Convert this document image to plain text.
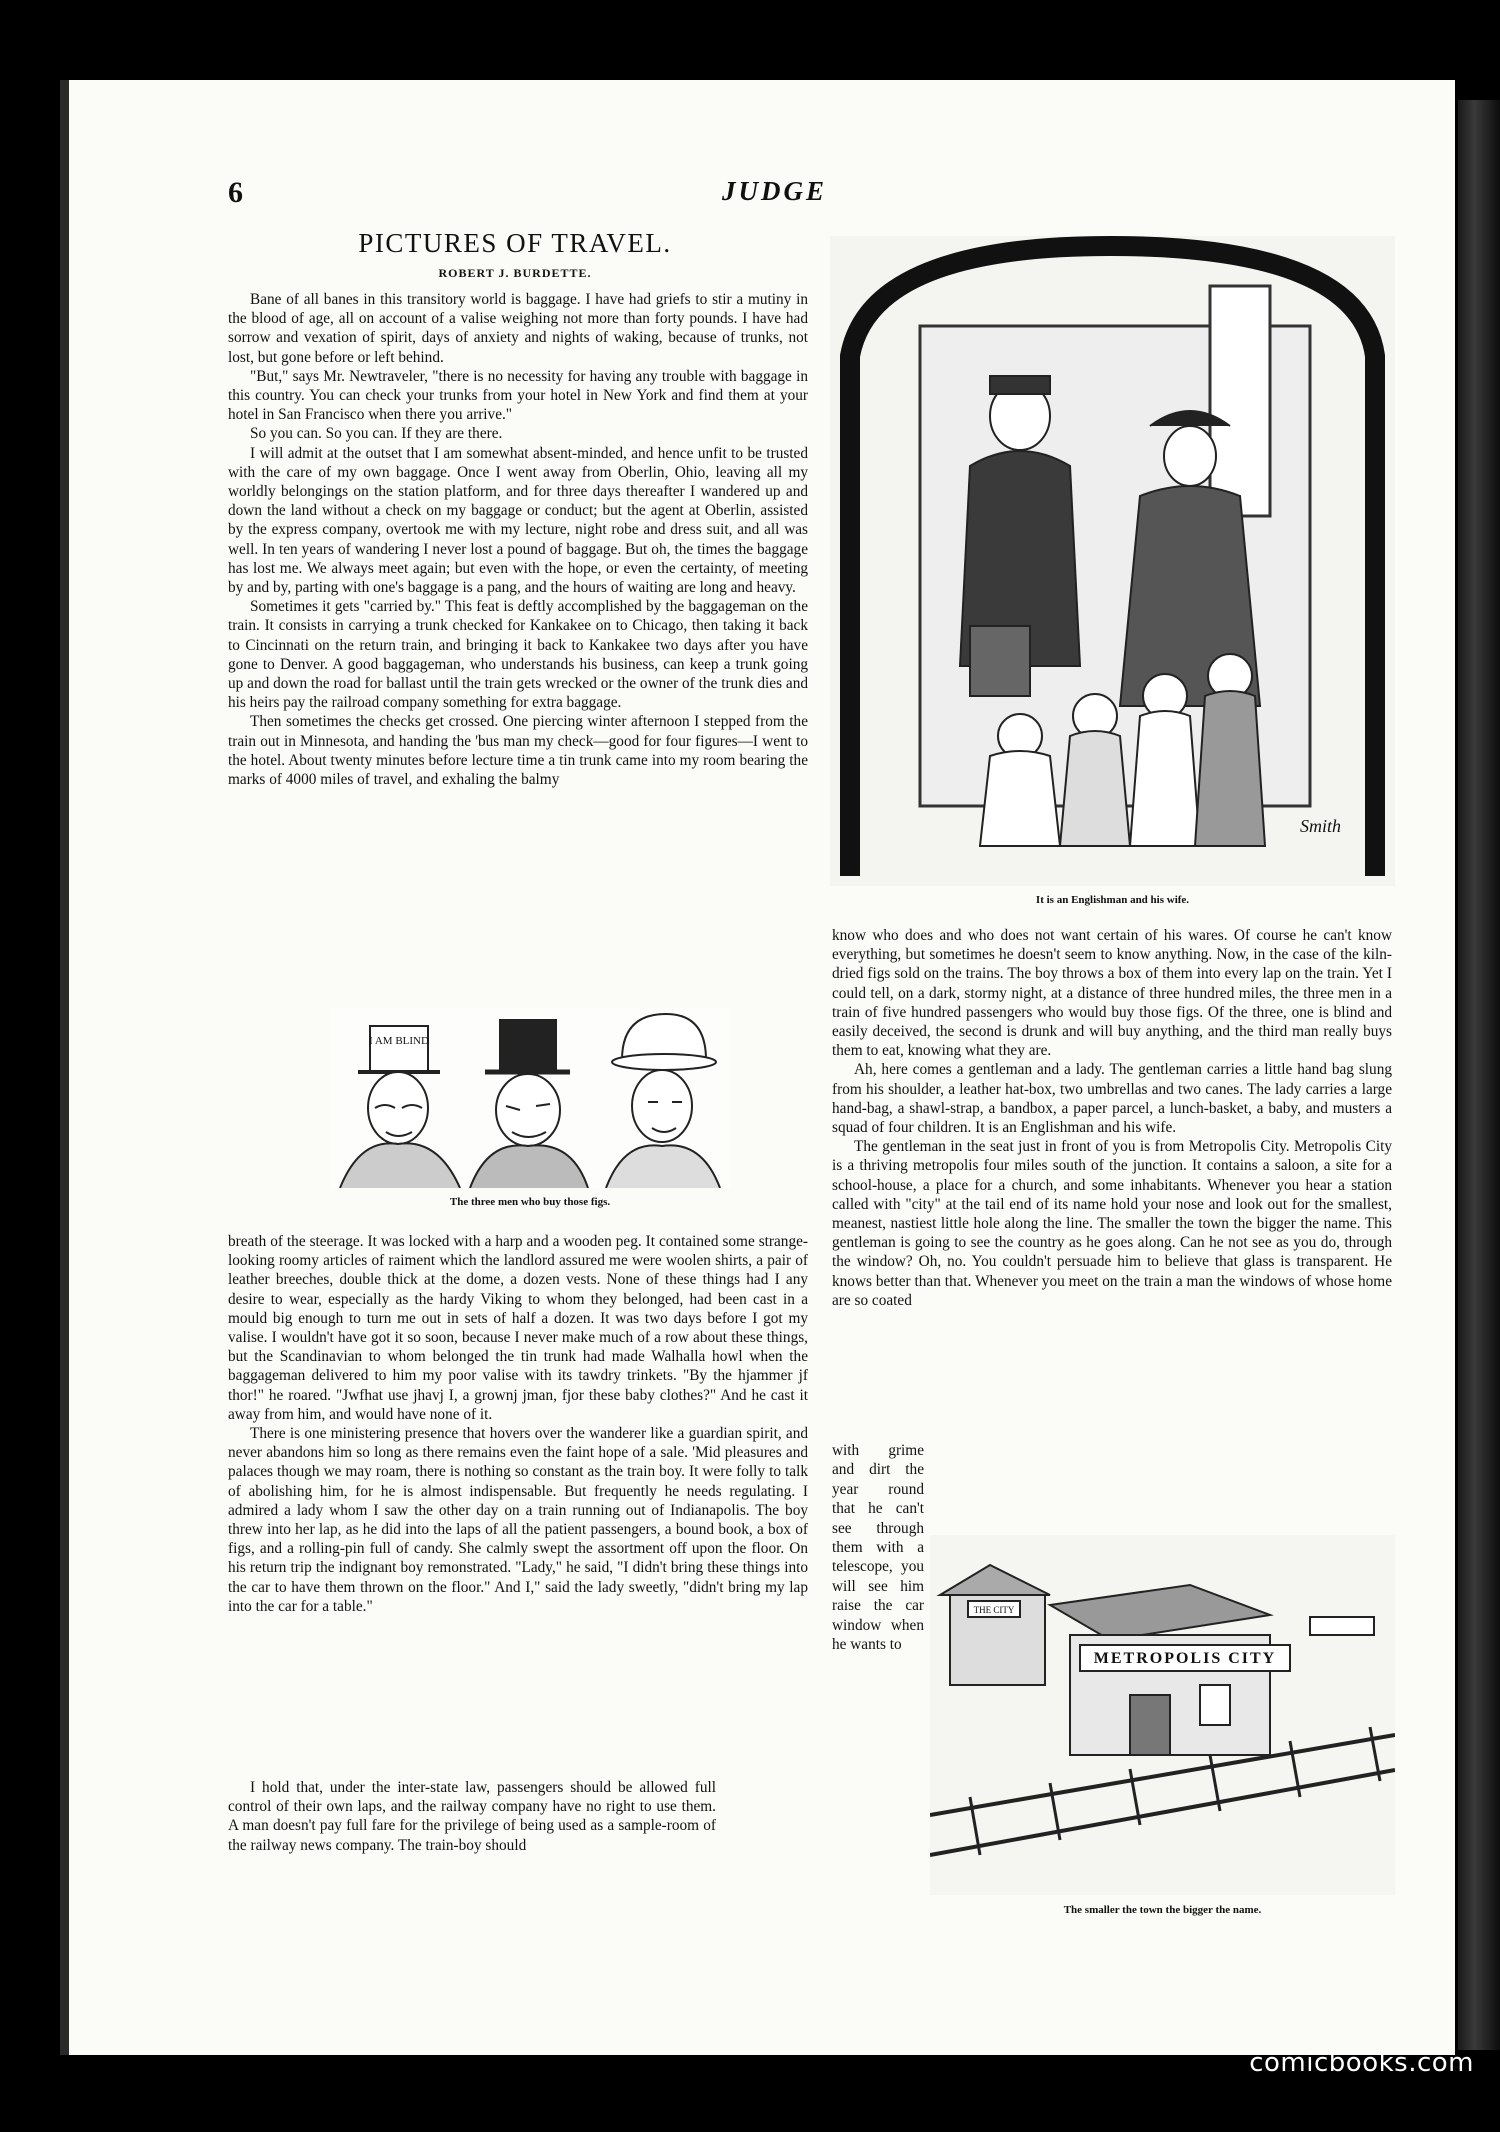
6	JUDGE
PICTURES OF TRAVEL.
ROBERT J. BURDETTE.

Bane of all banes in this transitory world is baggage. I have had griefs to stir a mutiny in the blood of age, all on account of a valise weighing not more than forty pounds. I have had sorrow and vexation of spirit, days of anxiety and nights of waking, because of trunks, not lost, but gone before or left behind.

"But," says Mr. Newtraveler, "there is no necessity for having any trouble with baggage in this country. You can check your trunks from your hotel in New York and find them at your hotel in San Francisco when there you arrive."

So you can. So you can. If they are there.

I will admit at the outset that I am somewhat absent-minded, and hence unfit to be trusted with the care of my own baggage. Once I went away from Oberlin, Ohio, leaving all my worldly belongings on the station platform, and for three days thereafter I wandered up and down the land without a check on my baggage or conduct; but the agent at Oberlin, assisted by the express company, overtook me with my lecture, night robe and dress suit, and all was well. In ten years of wandering I never lost a pound of baggage. But oh, the times the baggage has lost me. We always meet again; but even with the hope, or even the certainty, of meeting by and by, parting with one's baggage is a pang, and the hours of waiting are long and heavy.

Sometimes it gets "carried by." This feat is deftly accomplished by the baggageman on the train. It consists in carrying a trunk checked for Kankakee on to Chicago, then taking it back to Cincinnati on the return train, and bringing it back to Kankakee two days after you have gone to Denver. A good baggageman, who understands his business, can keep a trunk going up and down the road for ballast until the train gets wrecked or the owner of the trunk dies and his heirs pay the railroad company something for extra baggage.

Then sometimes the checks get crossed. One piercing winter afternoon I stepped from the train out in Minnesota, and handing the 'bus man my check—good for four figures—I went to the hotel. About twenty minutes before lecture time a tin trunk came into my room bearing the marks of 4000 miles of travel, and exhaling the balmy

I AM BLIND
The three men who buy those figs.

breath of the steerage. It was locked with a harp and a wooden peg. It contained some strange-looking roomy articles of raiment which the landlord assured me were woolen shirts, a pair of leather breeches, double thick at the dome, a dozen vests. None of these things had I any desire to wear, especially as the hardy Viking to whom they belonged, had been cast in a mould big enough to turn me out in sets of half a dozen. It was two days before I got my valise. I wouldn't have got it so soon, because I never make much of a row about these things, but the Scandinavian to whom belonged the tin trunk had made Walhalla howl when the baggageman delivered to him my poor valise with its tawdry trinkets. "By the hjammer jf thor!" he roared. "Jwfhat use jhavj I, a grownj jman, fjor these baby clothes?" And he cast it away from him, and would have none of it.

There is one ministering presence that hovers over the wanderer like a guardian spirit, and never abandons him so long as there remains even the faint hope of a sale. 'Mid pleasures and palaces though we may roam, there is nothing so constant as the train boy. It were folly to talk of abolishing him, for he is almost indispensable. But frequently he needs regulating. I admired a lady whom I saw the other day on a train running out of Indianapolis. The boy threw into her lap, as he did into the laps of all the patient passengers, a bound book, a box of figs, and a rolling-pin full of candy. She calmly swept the assortment off upon the floor. On his return trip the indignant boy remonstrated. "Lady," he said, "I didn't bring these things into the car to have them thrown on the floor." And I," said the lady sweetly, "didn't bring my lap into the car for a table."

I hold that, under the inter-state law, passengers should be allowed full control of their own laps, and the railway company have no right to use them. A man doesn't pay full fare for the privilege of being used as a sample-room of the railway news company. The train-boy should

Smith
It is an Englishman and his wife.

know who does and who does not want certain of his wares. Of course he can't know everything, but sometimes he doesn't seem to know anything. Now, in the case of the kiln-dried figs sold on the trains. The boy throws a box of them into every lap on the train. Yet I could tell, on a dark, stormy night, at a distance of three hundred miles, the three men in a train of five hundred passengers who would buy those figs. Of the three, one is blind and easily deceived, the second is drunk and will buy anything, and the third man really buys them to eat, knowing what they are.

Ah, here comes a gentleman and a lady. The gentleman carries a little hand bag slung from his shoulder, a leather hat-box, two umbrellas and two canes. The lady carries a large hand-bag, a shawl-strap, a bandbox, a paper parcel, a lunch-basket, a baby, and musters a squad of four children. It is an Englishman and his wife.

The gentleman in the seat just in front of you is from Metropolis City. Metropolis City is a thriving metropolis four miles south of the junction. It contains a saloon, a site for a school-house, a place for a church, and some inhabitants. Whenever you hear a station called with "city" at the tail end of its name hold your nose and look out for the smallest, meanest, nastiest little hole along the line. The smaller the town the bigger the name. This gentleman is going to see the country as he goes along. Can he not see as you do, through the window? Oh, no. You couldn't persuade him to believe that glass is transparent. He knows better than that. Whenever you meet on the train a man the windows of whose home are so coated

with grime and dirt the year round that he can't see through them with a telescope, you will see him raise the car window when he wants to

METROPOLIS CITY
THE CITY
The smaller the town the bigger the name.
comicbooks.com
